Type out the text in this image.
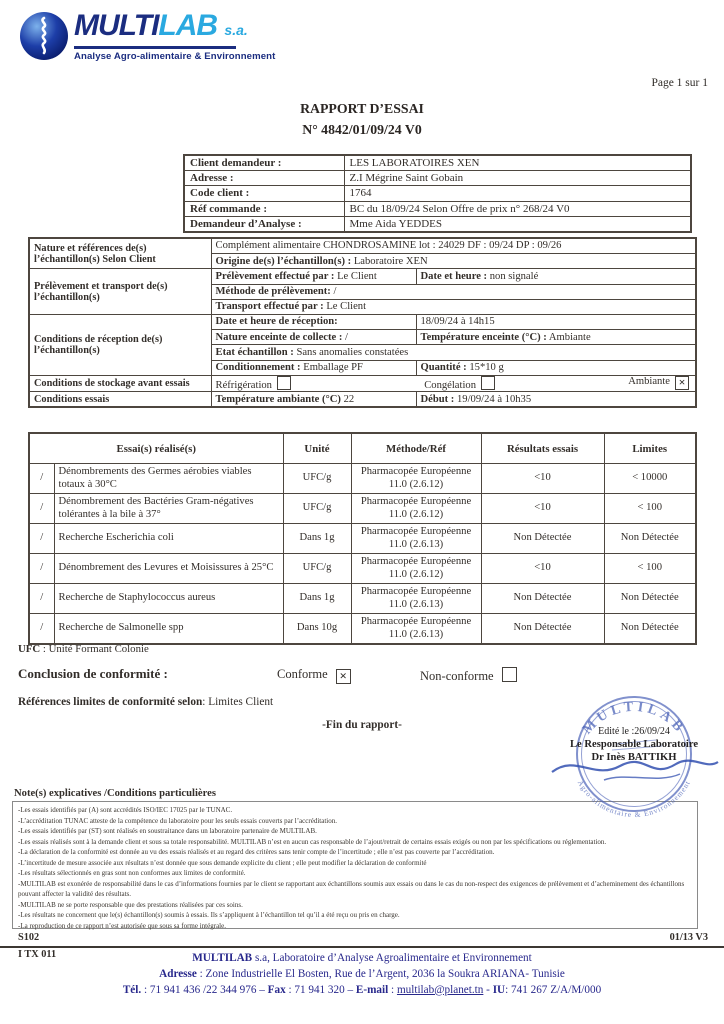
MULTILAB s.a.
Analyse Agro-alimentaire & Environnement
Page 1 sur 1
RAPPORT D’ESSAI
N° 4842/01/09/24 V0
Client demandeur :	LES LABORATOIRES XEN
Adresse :	Z.I Mégrine Saint Gobain
Code client :	1764
Réf commande :	BC du 18/09/24 Selon Offre de prix n° 268/24 V0
Demandeur d’Analyse :	Mme Aida YEDDES
Nature et références de(s) l’échantillon(s) Selon Client	Complément alimentaire CHONDROSAMINE lot : 24029 DF : 09/24 DP : 09/26	
	Origine de(s) l’échantillon(s) : Laboratoire XEN	
Prélèvement et transport de(s) l’échantillon(s)	Prélèvement effectué par : Le Client	Date et heure : non signalé
	Méthode de prélèvement: /	
	Transport effectué par : Le Client	
Conditions de réception de(s) l’échantillon(s)	Date et heure de réception:	18/09/24 à 14h15
	Nature enceinte de collecte : /	Température enceinte (°C) : Ambiante
	Etat échantillon : Sans anomalies constatées	
	Conditionnement : Emballage PF	Quantité : 15*10 g
Conditions de stockage avant essais	Réfrigération Congélation Ambiante ×	

Conditions essais	Température ambiante (°C) 22	Début : 19/09/24 à 10h35
Essai(s) réalisé(s)		Unité	Méthode/Réf	Résultats essais	Limites
/	Dénombrements des Germes aérobies viables totaux à 30°C	UFC/g	Pharmacopée Européenne 11.0 (2.6.12)	<10	< 10000
/	Dénombrement des Bactéries Gram-négatives tolérantes à la bile à 37°	UFC/g	Pharmacopée Européenne 11.0 (2.6.12)	<10	< 100
/	Recherche Escherichia coli	Dans 1g	Pharmacopée Européenne 11.0 (2.6.13)	Non Détectée	Non Détectée
/	Dénombrement des Levures et Moisissures à 25°C	UFC/g	Pharmacopée Européenne 11.0 (2.6.12)	<10	< 100
/	Recherche de Staphylococcus aureus	Dans 1g	Pharmacopée Européenne 11.0 (2.6.13)	Non Détectée	Non Détectée
/	Recherche de Salmonelle spp	Dans 10g	Pharmacopée Européenne 11.0 (2.6.13)	Non Détectée	Non Détectée
UFC : Unité Formant Colonie
Conclusion de conformité :	Conforme ×	Non-conforme
Références limites de conformité selon: Limites Client
-Fin du rapport-	MULTILAB
Agro-alimentaire & Environnement
Edité le :26/09/24
Le Responsable Laboratoire
Dr Inès BATTIKH
Note(s) explicatives /Conditions particulières
-Les essais identifiés par (A) sont accrédités ISO/IEC 17025 par le TUNAC.
-L’accréditation TUNAC atteste de la compétence du laboratoire pour les seuls essais couverts par l’accréditation.
-Les essais identifiés par (ST) sont réalisés en soustraitance dans un laboratoire partenaire de MULTILAB.
-Les essais réalisés sont à la demande client et sous sa totale responsabilité. MULTILAB n’est en aucun cas responsable de l’ajout/retrait de certains essais exigés ou non par les spécifications ou réglementation.
-La déclaration de la conformité est donnée au vu des essais réalisés et au regard des critères sans tenir compte de l’incertitude ; elle n’est pas couverte par l’accréditation.
-L’incertitude de mesure associée aux résultats n’est donnée que sous demande explicite du client ; elle peut modifier la déclaration de conformité
-Les résultats sélectionnés en gras sont non conformes aux limites de conformité.
-MULTILAB est exonérée de responsabilité dans le cas d’informations fournies par le client se rapportant aux échantillons soumis aux essais ou dans le cas du non-respect des exigences de prélèvement et d’acheminement des échantillons pouvant affecter la validité des résultats.
-MULTILAB ne se porte responsable que des prestations réalisées par ces soins.
-Les résultats ne concernent que le(s) échantillon(s) soumis à essais. Ils s’appliquent à l’échantillon tel qu’il a été reçu ou pris en charge.
-La reproduction de ce rapport n’est autorisée que sous sa forme intégrale.
S102	01/13 V3
I TX 011	MULTILAB s.a, Laboratoire d’Analyse Agroalimentaire et Environnement
Adresse : Zone Industrielle El Bosten, Rue de l’Argent, 2036 la Soukra ARIANA- Tunisie
Tél. : 71 941 436 /22 344 976 – Fax : 71 941 320 – E-mail : multilab@planet.tn - IU: 741 267 Z/A/M/000
